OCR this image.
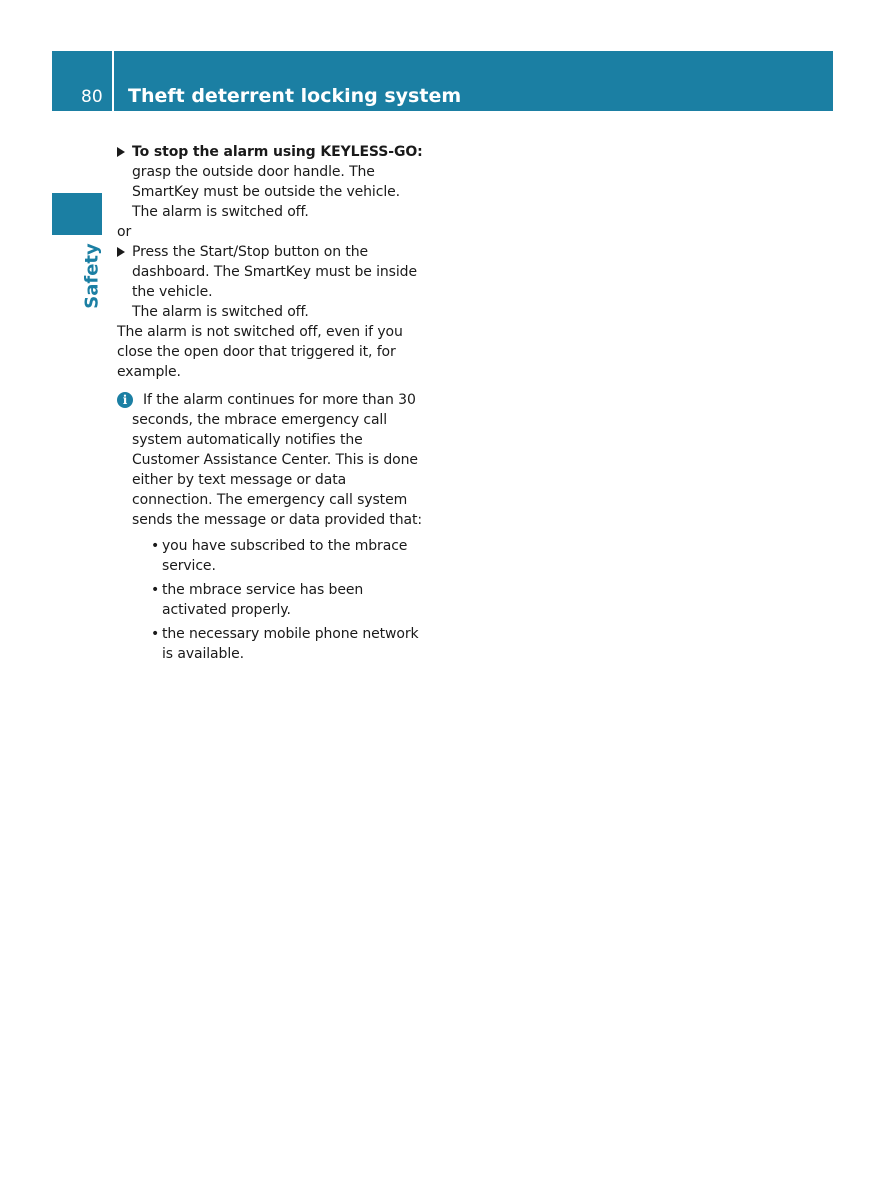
80 Theft deterrent locking system
Safety

To stop the alarm using KEYLESS-GO: grasp the outside door handle. The SmartKey must be outside the vehicle.

The alarm is switched off.

or

Press the Start/Stop button on the dashboard. The SmartKey must be inside the vehicle.

The alarm is switched off.

The alarm is not switched off, even if you close the open door that triggered it, for example.

i	If the alarm continues for more than 30 seconds, the mbrace emergency call system automatically notifies the Customer Assistance Center. This is done either by text message or data connection. The emergency call system sends the message or data provided that:

• you have subscribed to the mbrace service.
• the mbrace service has been activated properly.
• the necessary mobile phone network is available.
